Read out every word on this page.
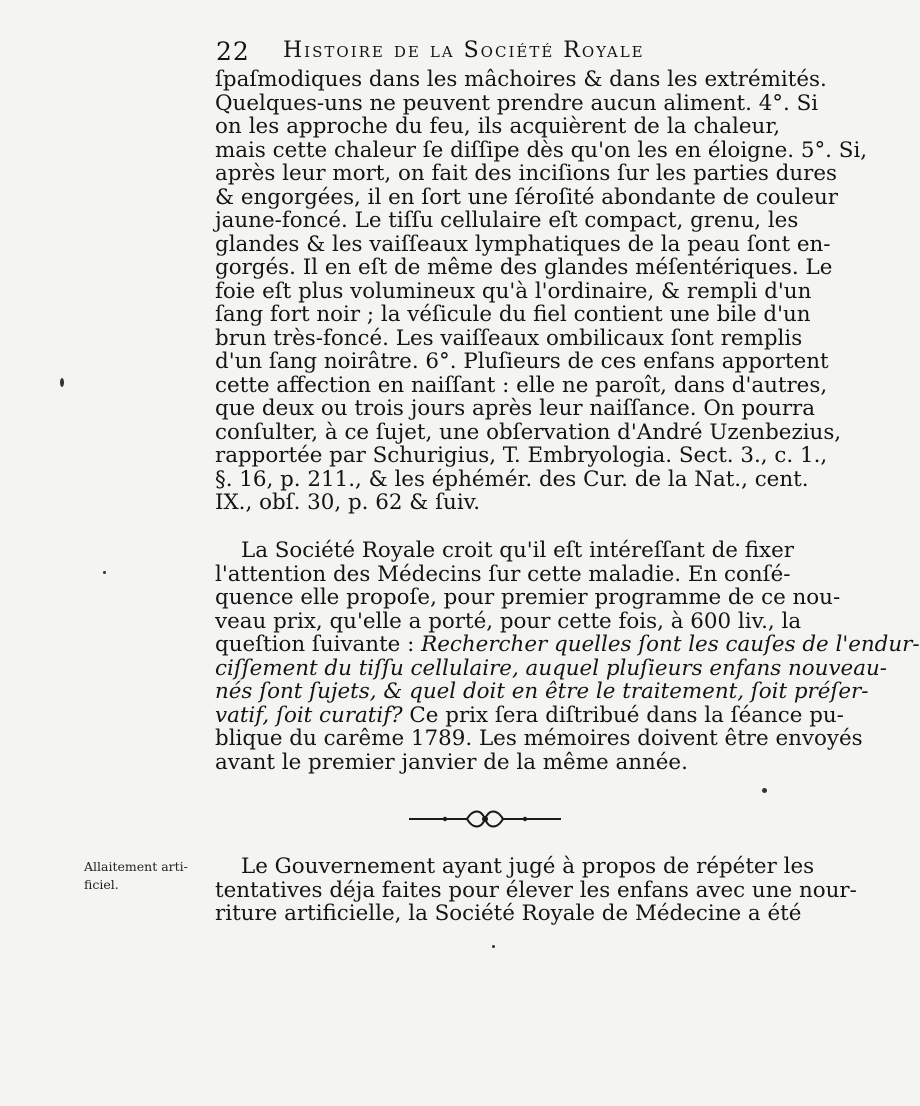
22 Histoire de la Société Royale
ſpaſmodiques dans les mâchoires & dans les extrémités.
Quelques-uns ne peuvent prendre aucun aliment. 4°. Si
on les approche du feu, ils acquièrent de la chaleur,
mais cette chaleur ſe diſſipe dès qu'on les en éloigne. 5°. Si,
après leur mort, on fait des inciſions ſur les parties dures
& engorgées, il en ſort une ſéroſité abondante de couleur
jaune-foncé. Le tiſſu cellulaire eſt compact, grenu, les
glandes & les vaiſſeaux lymphatiques de la peau ſont en-
gorgés. Il en eſt de même des glandes méſentériques. Le
foie eſt plus volumineux qu'à l'ordinaire, & rempli d'un
ſang fort noir ; la véſicule du fiel contient une bile d'un
brun très-foncé. Les vaiſſeaux ombilicaux ſont remplis
d'un ſang noirâtre. 6°. Pluſieurs de ces enfans apportent
cette affection en naiſſant : elle ne paroît, dans d'autres,
que deux ou trois jours après leur naiſſance. On pourra
conſulter, à ce ſujet, une obſervation d'André Uzenbezius,
rapportée par Schurigius, T. Embryologia. Sect. 3., c. 1.,
§. 16, p. 211., & les éphémér. des Cur. de la Nat., cent.
IX., obſ. 30, p. 62 & ſuiv.
La Société Royale croit qu'il eſt intéreſſant de fixer
l'attention des Médecins ſur cette maladie. En conſé-
quence elle propoſe, pour premier programme de ce nou-
veau prix, qu'elle a porté, pour cette fois, à 600 liv., la
queſtion ſuivante : Rechercher quelles ſont les cauſes de l'endur-
ciſſement du tiſſu cellulaire, auquel pluſieurs enfans nouveau-
nés ſont ſujets, & quel doit en être le traitement, ſoit préſer-
vatif, ſoit curatif? Ce prix ſera diſtribué dans la ſéance pu-
blique du carême 1789. Les mémoires doivent être envoyés
avant le premier janvier de la même année.
Allaitement arti-
ficiel.
Le Gouvernement ayant jugé à propos de répéter les
tentatives déja faites pour élever les enfans avec une nour-
riture artificielle, la Société Royale de Médecine a été
